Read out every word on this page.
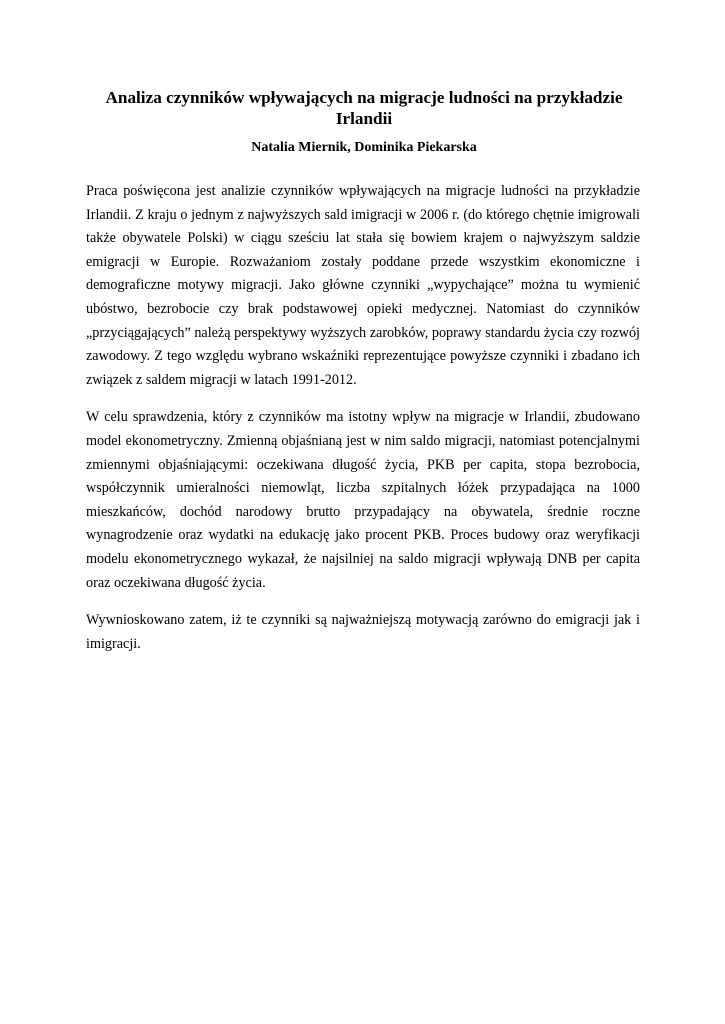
Analiza czynników wpływających na migracje ludności na przykładzie Irlandii

Natalia Miernik, Dominika Piekarska

Praca poświęcona jest analizie czynników wpływających na migracje ludności na przykładzie Irlandii. Z kraju o jednym z najwyższych sald imigracji w 2006 r. (do którego chętnie imigrowali także obywatele Polski) w ciągu sześciu lat stała się bowiem krajem o najwyższym saldzie emigracji w Europie. Rozważaniom zostały poddane przede wszystkim ekonomiczne i demograficzne motywy migracji. Jako główne czynniki „wypychające” można tu wymienić ubóstwo, bezrobocie czy brak podstawowej opieki medycznej. Natomiast do czynników „przyciągających” należą perspektywy wyższych zarobków, poprawy standardu życia czy rozwój zawodowy. Z tego względu wybrano wskaźniki reprezentujące powyższe czynniki i zbadano ich związek z saldem migracji w latach 1991-2012.

W celu sprawdzenia, który z czynników ma istotny wpływ na migracje w Irlandii, zbudowano model ekonometryczny. Zmienną objaśnianą jest w nim saldo migracji, natomiast potencjalnymi zmiennymi objaśniającymi: oczekiwana długość życia, PKB per capita, stopa bezrobocia, współczynnik umieralności niemowląt, liczba szpitalnych łóżek przypadająca na 1000 mieszkańców, dochód narodowy brutto przypadający na obywatela, średnie roczne wynagrodzenie oraz wydatki na edukację jako procent PKB. Proces budowy oraz weryfikacji modelu ekonometrycznego wykazał, że najsilniej na saldo migracji wpływają DNB per capita oraz oczekiwana długość życia.

Wywnioskowano zatem, iż te czynniki są najważniejszą motywacją zarówno do emigracji jak i imigracji.
